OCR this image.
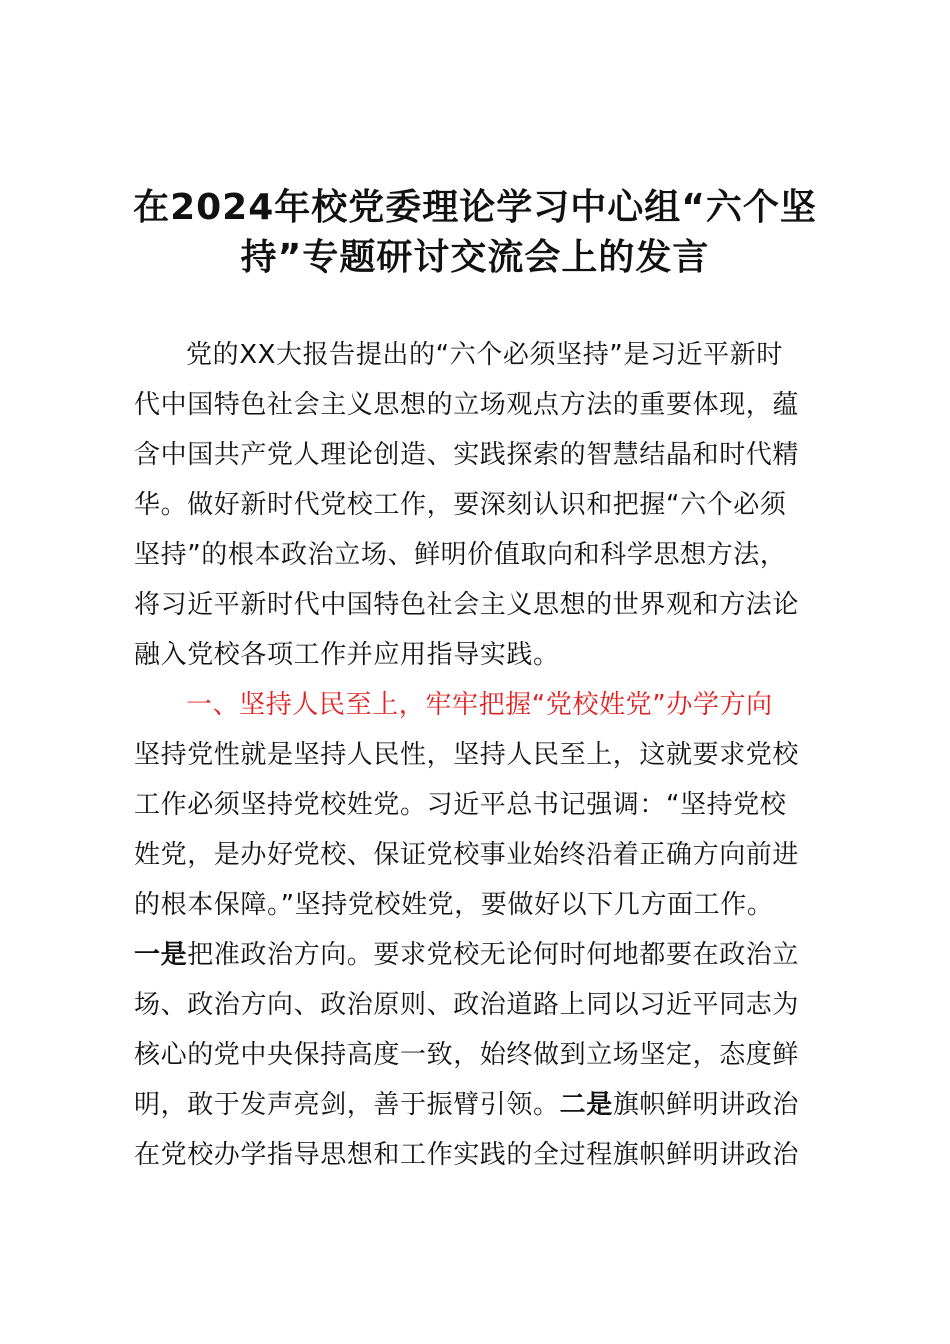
在2024年校党委理论学习中心组“六个坚
持”专题研讨交流会上的发言
党的XX大报告提出的“六个必须坚持”是习近平新时
代中国特色社会主义思想的立场观点方法的重要体现，蕴
含中国共产党人理论创造、实践探索的智慧结晶和时代精
华。做好新时代党校工作，要深刻认识和把握“六个必须
坚持”的根本政治立场、鲜明价值取向和科学思想方法，
将习近平新时代中国特色社会主义思想的世界观和方法论
融入党校各项工作并应用指导实践。
一、坚持人民至上，牢牢把握“党校姓党”办学方向
坚持党性就是坚持人民性，坚持人民至上，这就要求党校
工作必须坚持党校姓党。习近平总书记强调：“坚持党校
姓党，是办好党校、保证党校事业始终沿着正确方向前进
的根本保障。”坚持党校姓党，要做好以下几方面工作。
一是把准政治方向。要求党校无论何时何地都要在政治立
场、政治方向、政治原则、政治道路上同以习近平同志为
核心的党中央保持高度一致，始终做到立场坚定，态度鲜
明，敢于发声亮剑，善于振臂引领。二是旗帜鲜明讲政治
在党校办学指导思想和工作实践的全过程旗帜鲜明讲政治
